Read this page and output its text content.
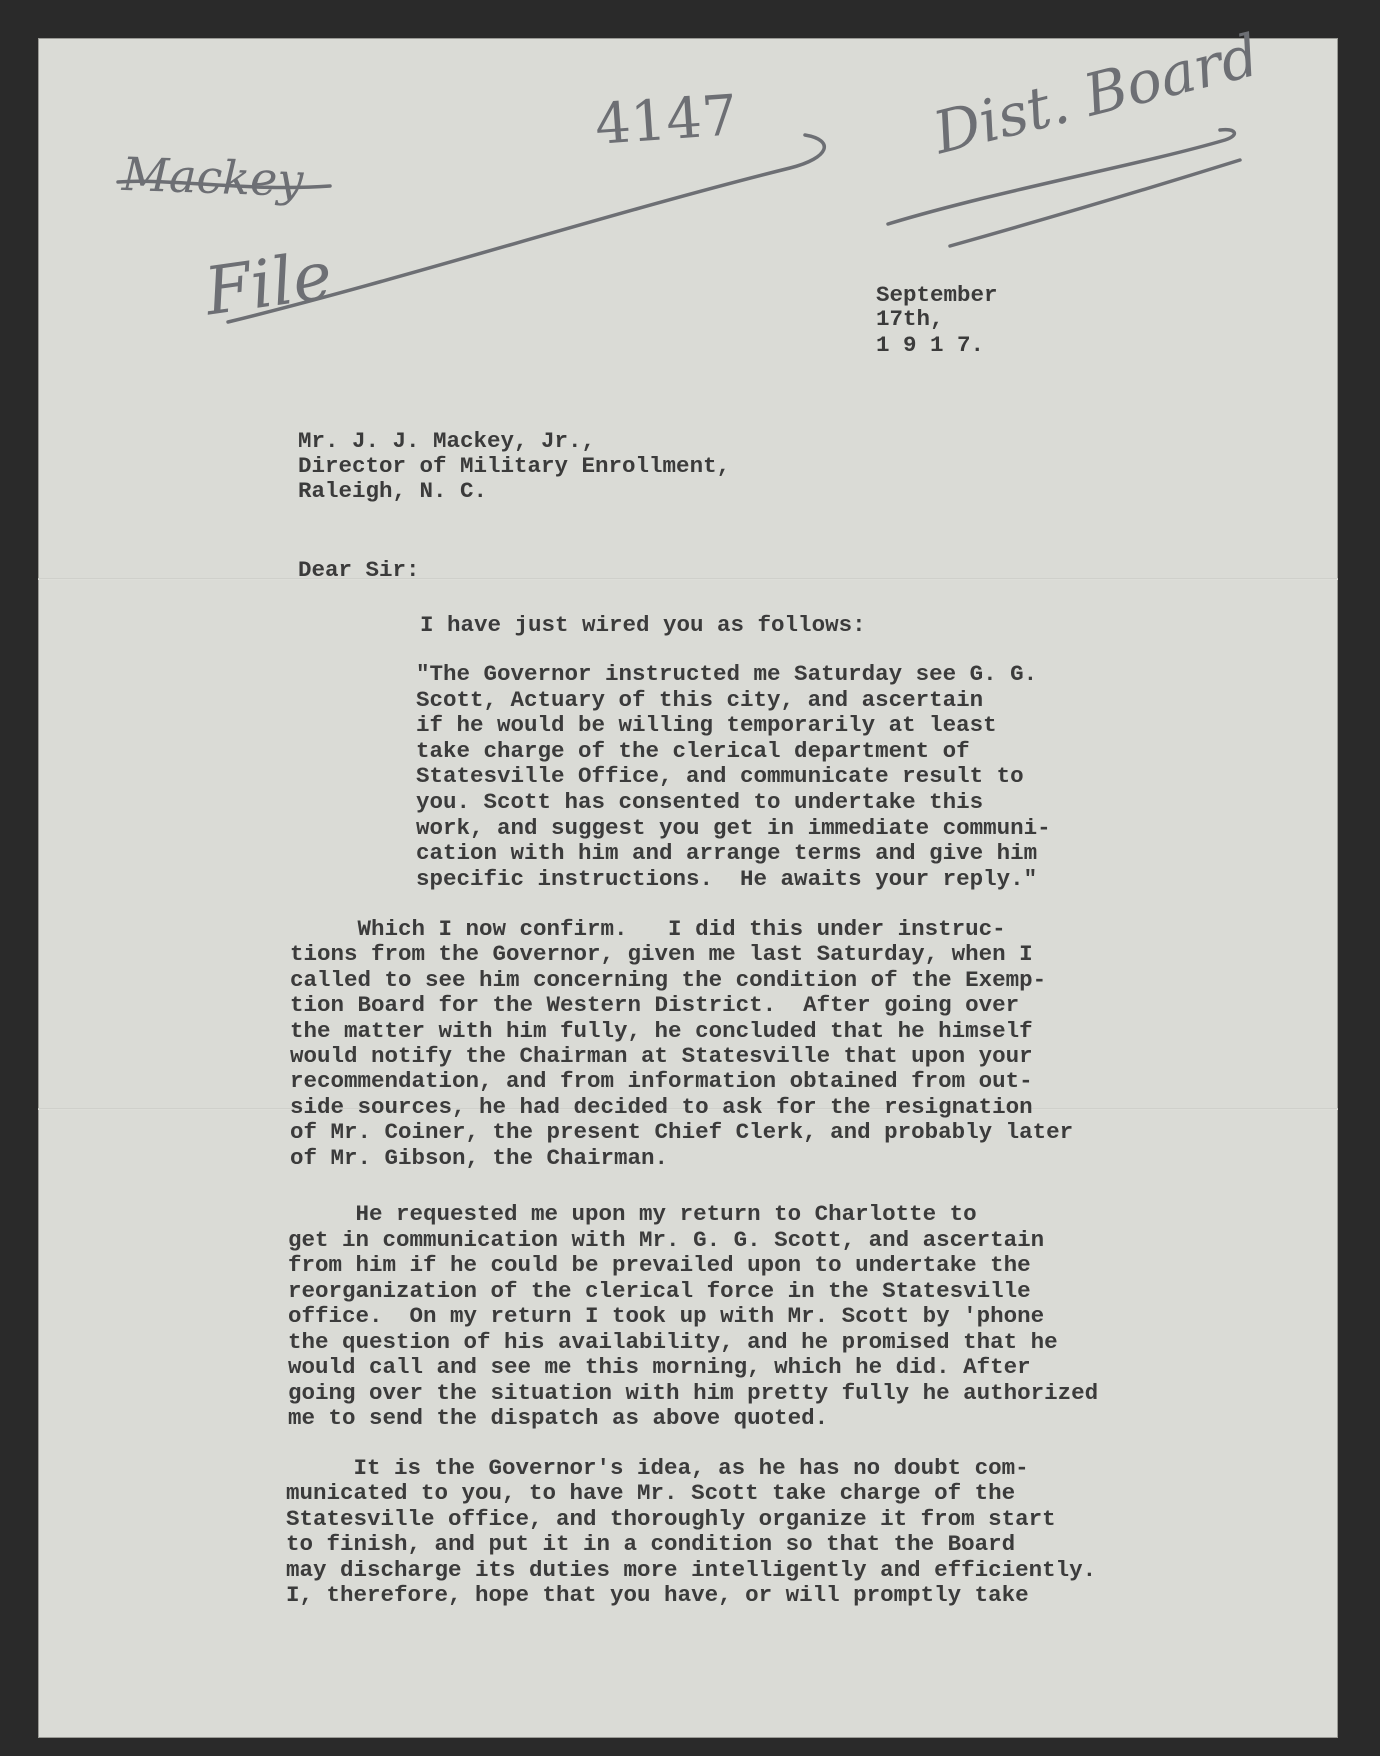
Mackey
File
4147	Dist. Board
September
17th,
1 9 1 7.
Mr. J. J. Mackey, Jr.,
Director of Military Enrollment,
Raleigh, N. C.
Dear Sir:
I have just wired you as follows:
"The Governor instructed me Saturday see G. G.
Scott, Actuary of this city, and ascertain
if he would be willing temporarily at least
take charge of the clerical department of
Statesville Office, and communicate result to
you. Scott has consented to undertake this
work, and suggest you get in immediate communi-
cation with him and arrange terms and give him
specific instructions.  He awaits your reply."
Which I now confirm.   I did this under instruc-
tions from the Governor, given me last Saturday, when I
called to see him concerning the condition of the Exemp-
tion Board for the Western District.  After going over
the matter with him fully, he concluded that he himself
would notify the Chairman at Statesville that upon your
recommendation, and from information obtained from out-
side sources, he had decided to ask for the resignation
of Mr. Coiner, the present Chief Clerk, and probably later
of Mr. Gibson, the Chairman.
He requested me upon my return to Charlotte to
get in communication with Mr. G. G. Scott, and ascertain
from him if he could be prevailed upon to undertake the
reorganization of the clerical force in the Statesville
office.  On my return I took up with Mr. Scott by 'phone
the question of his availability, and he promised that he
would call and see me this morning, which he did. After
going over the situation with him pretty fully he authorized
me to send the dispatch as above quoted.
It is the Governor's idea, as he has no doubt com-
municated to you, to have Mr. Scott take charge of the
Statesville office, and thoroughly organize it from start
to finish, and put it in a condition so that the Board
may discharge its duties more intelligently and efficiently.
I, therefore, hope that you have, or will promptly take
